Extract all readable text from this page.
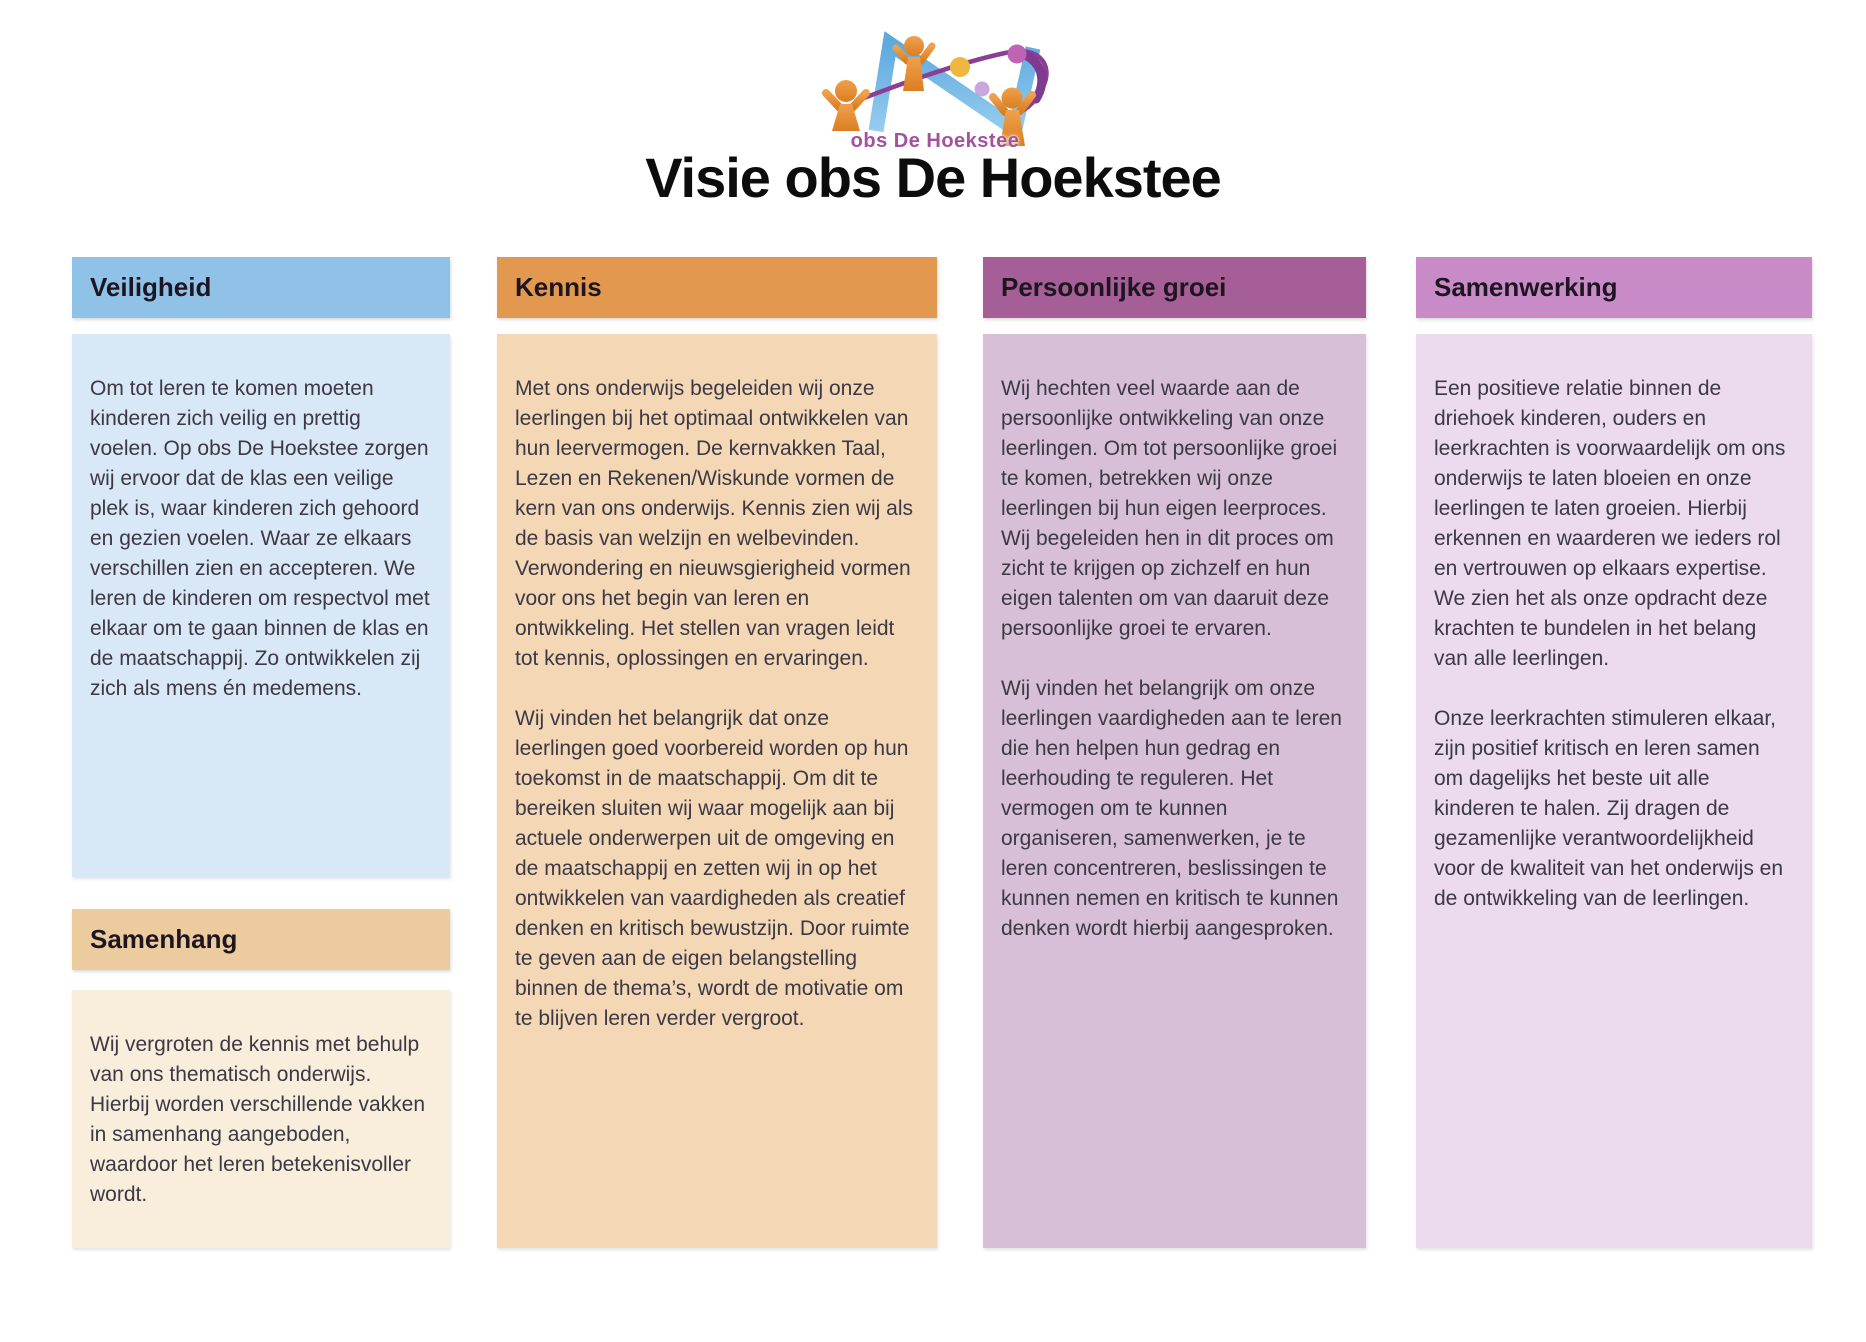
obs De Hoekstee
Visie obs De Hoekstee
Veiligheid

Om tot leren te komen moeten kinderen zich veilig en prettig voelen. Op obs De Hoekstee zorgen wij ervoor dat de klas een veilige plek is, waar kinderen zich gehoord en gezien voelen. Waar ze elkaars verschillen zien en accepteren. We leren de kinderen om respectvol met elkaar om te gaan binnen de klas en de maatschappij. Zo ontwikkelen zij zich als mens én medemens.

Samenhang

Wij vergroten de kennis met behulp van ons thematisch onderwijs. Hierbij worden verschillende vakken in samenhang aangeboden, waardoor het leren betekenisvoller wordt.

Kennis

Met ons onderwijs begeleiden wij onze leerlingen bij het optimaal ontwikkelen van hun leervermogen. De kernvakken Taal, Lezen en Rekenen/Wiskunde vormen de kern van ons onderwijs. Kennis zien wij als de basis van welzijn en welbevinden. Verwondering en nieuwsgierigheid vormen voor ons het begin van leren en ontwikkeling. Het stellen van vragen leidt tot kennis, oplossingen en ervaringen.

Wij vinden het belangrijk dat onze leerlingen goed voorbereid worden op hun toekomst in de maatschappij. Om dit te bereiken sluiten wij waar mogelijk aan bij actuele onderwerpen uit de omgeving en de maatschappij en zetten wij in op het ontwikkelen van vaardigheden als creatief denken en kritisch bewustzijn. Door ruimte te geven aan de eigen belangstelling binnen de thema’s, wordt de motivatie om te blijven leren verder vergroot.

Persoonlijke groei

Wij hechten veel waarde aan de persoonlijke ontwikkeling van onze leerlingen. Om tot persoonlijke groei te komen, betrekken wij onze leerlingen bij hun eigen leerproces. Wij begeleiden hen in dit proces om zicht te krijgen op zichzelf en hun eigen talenten om van daaruit deze persoonlijke groei te ervaren.

Wij vinden het belangrijk om onze leerlingen vaardigheden aan te leren die hen helpen hun gedrag en leerhouding te reguleren. Het vermogen om te kunnen organiseren, samenwerken, je te leren concentreren, beslissingen te kunnen nemen en kritisch te kunnen denken wordt hierbij aangesproken.

Samenwerking

Een positieve relatie binnen de driehoek kinderen, ouders en leerkrachten is voorwaardelijk om ons onderwijs te laten bloeien en onze leerlingen te laten groeien. Hierbij erkennen en waarderen we ieders rol en vertrouwen op elkaars expertise. We zien het als onze opdracht deze krachten te bundelen in het belang van alle leerlingen.

Onze leerkrachten stimuleren elkaar, zijn positief kritisch en leren samen om dagelijks het beste uit alle kinderen te halen. Zij dragen de gezamenlijke verantwoordelijkheid voor de kwaliteit van het onderwijs en de ontwikkeling van de leerlingen.
